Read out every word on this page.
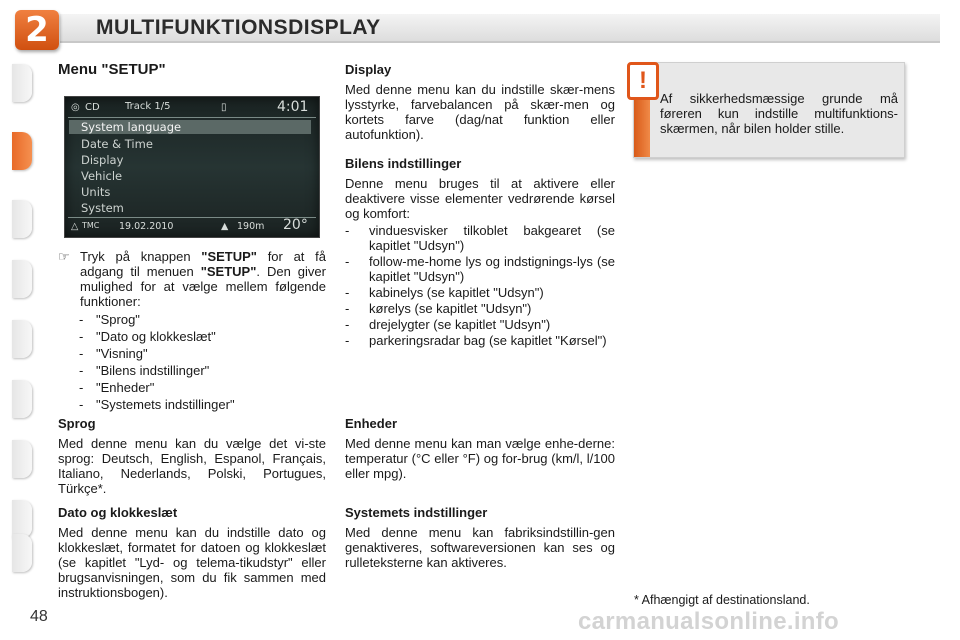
2	MULTIFUNKTIONSDISPLAY

Menu "SETUP"

◎ CD	Track 1/5	▯	4:01
System language
Date & Time
Display
Vehicle
Units
System
△ TMC 19.02.2010	▲ 190m 20°

☞ Tryk på knappen "SETUP" for at få adgang til menuen "SETUP". Den giver mulighed for at vælge mellem følgende funktioner:

- "Sprog"
- "Dato og klokkeslæt"
- "Visning"
- "Bilens indstillinger"
- "Enheder"
- "Systemets indstillinger"

Sprog

Med denne menu kan du vælge det vi-ste sprog: Deutsch, English, Espanol, Français, Italiano, Nederlands, Polski, Portugues, Türkçe*.

Dato og klokkeslæt

Med denne menu kan du indstille dato og klokkeslæt, formatet for datoen og klokkeslæt (se kapitlet "Lyd- og telema-tikudstyr" eller brugsanvisningen, som du fik sammen med instruktionsbogen).

Display

Med denne menu kan du indstille skær-mens lysstyrke, farvebalancen på skær-men og kortets farve (dag/nat funktion eller autofunktion).

Bilens indstillinger

Denne menu bruges til at aktivere eller deaktivere visse elementer vedrørende kørsel og komfort:

- vinduesvisker tilkoblet bakgearet (se kapitlet "Udsyn")
- follow-me-home lys og indstignings-lys (se kapitlet "Udsyn")
- kabinelys (se kapitlet "Udsyn")
- kørelys (se kapitlet "Udsyn")
- drejelygter (se kapitlet "Udsyn")
- parkeringsradar bag (se kapitlet "Kørsel")

Enheder

Med denne menu kan man vælge enhe-derne: temperatur (°C eller °F) og for-brug (km/l, l/100 eller mpg).

Systemets indstillinger

Med denne menu kan fabriksindstillin-gen genaktiveres, softwareversionen kan ses og rulleteksterne kan aktiveres.

Af sikkerhedsmæssige grunde må føreren kun indstille multifunktions-skærmen, når bilen holder stille.
!
48
* Afhængigt af destinationsland.
carmanualsonline.info
